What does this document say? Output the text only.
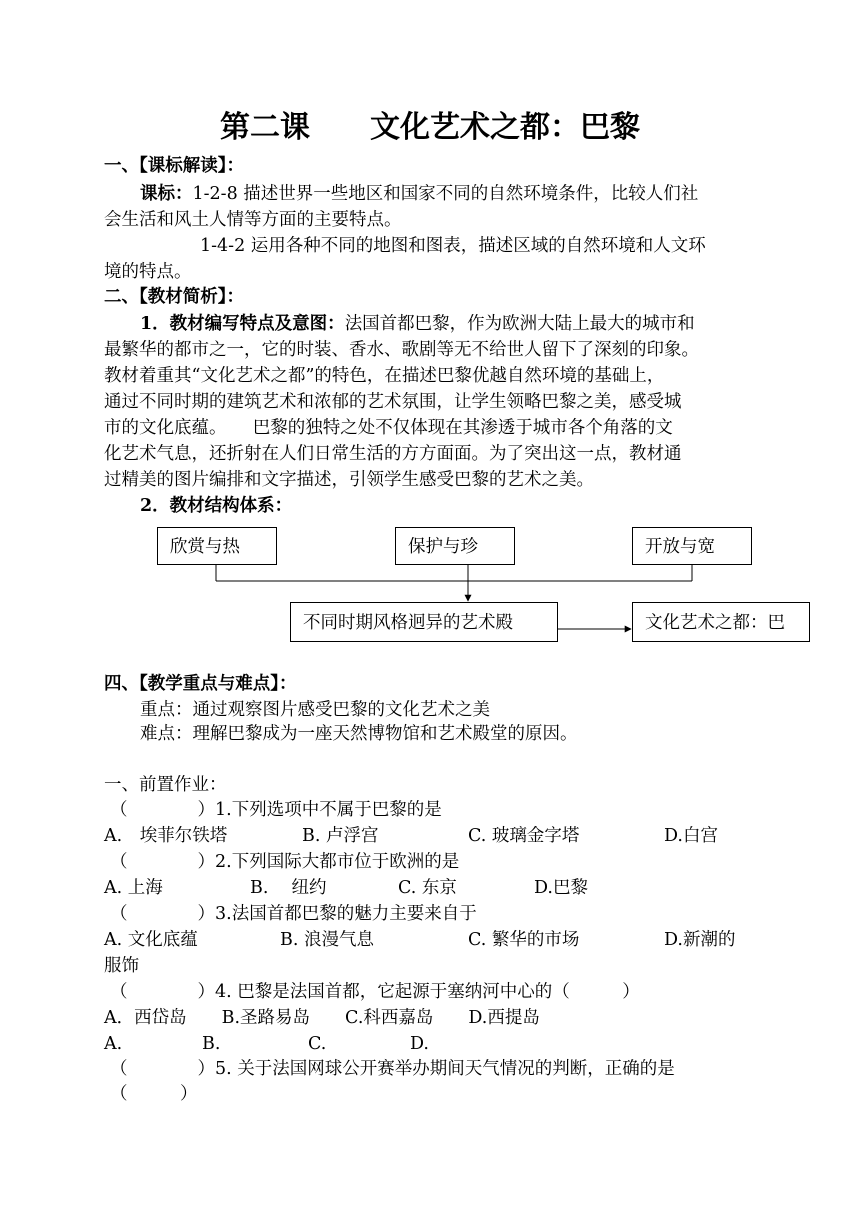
第二课　　文化艺术之都：巴黎
一、【课标解读】：
课标：1-2-8 描述世界一些地区和国家不同的自然环境条件，比较人们社
会生活和风土人情等方面的主要特点。
1-4-2 运用各种不同的地图和图表，描述区域的自然环境和人文环
境的特点。
二、【教材简析】：
1．教材编写特点及意图：法国首都巴黎，作为欧洲大陆上最大的城市和
最繁华的都市之一，它的时装、香水、歌剧等无不给世人留下了深刻的印象。
教材着重其“文化艺术之都”的特色，在描述巴黎优越自然环境的基础上，
通过不同时期的建筑艺术和浓郁的艺术氛围，让学生领略巴黎之美，感受城
市的文化底蕴。　　巴黎的独特之处不仅体现在其渗透于城市各个角落的文
化艺术气息，还折射在人们日常生活的方方面面。为了突出这一点，教材通
过精美的图片编排和文字描述，引领学生感受巴黎的艺术之美。
2．教材结构体系：
欣赏与热	保护与珍	开放与宽
不同时期风格迥异的艺术殿	文化艺术之都：巴
四、【教学重点与难点】：
重点：通过观察图片感受巴黎的文化艺术之美
难点：理解巴黎成为一座天然博物馆和艺术殿堂的原因。
一、前置作业：
（　　　　）1.下列选项中不属于巴黎的是
A.　埃菲尔铁塔	B. 卢浮宫	C. 玻璃金字塔	D.白宫
（　　　　）2.下列国际大都市位于欧洲的是
A. 上海	B.　 纽约	C. 东京	D.巴黎
（　　　　）3.法国首都巴黎的魅力主要来自于
A. 文化底蕴	B. 浪漫气息	C. 繁华的市场	D.新潮的
服饰
（　　　　）4. 巴黎是法国首都，它起源于塞纳河中心的（　　　）
A．西岱岛　　B.圣路易岛　　C.科西嘉岛　　D.西提岛
A.	B.	C.	D.
（　　　　）5. 关于法国网球公开赛举办期间天气情况的判断，正确的是
（　　　）
